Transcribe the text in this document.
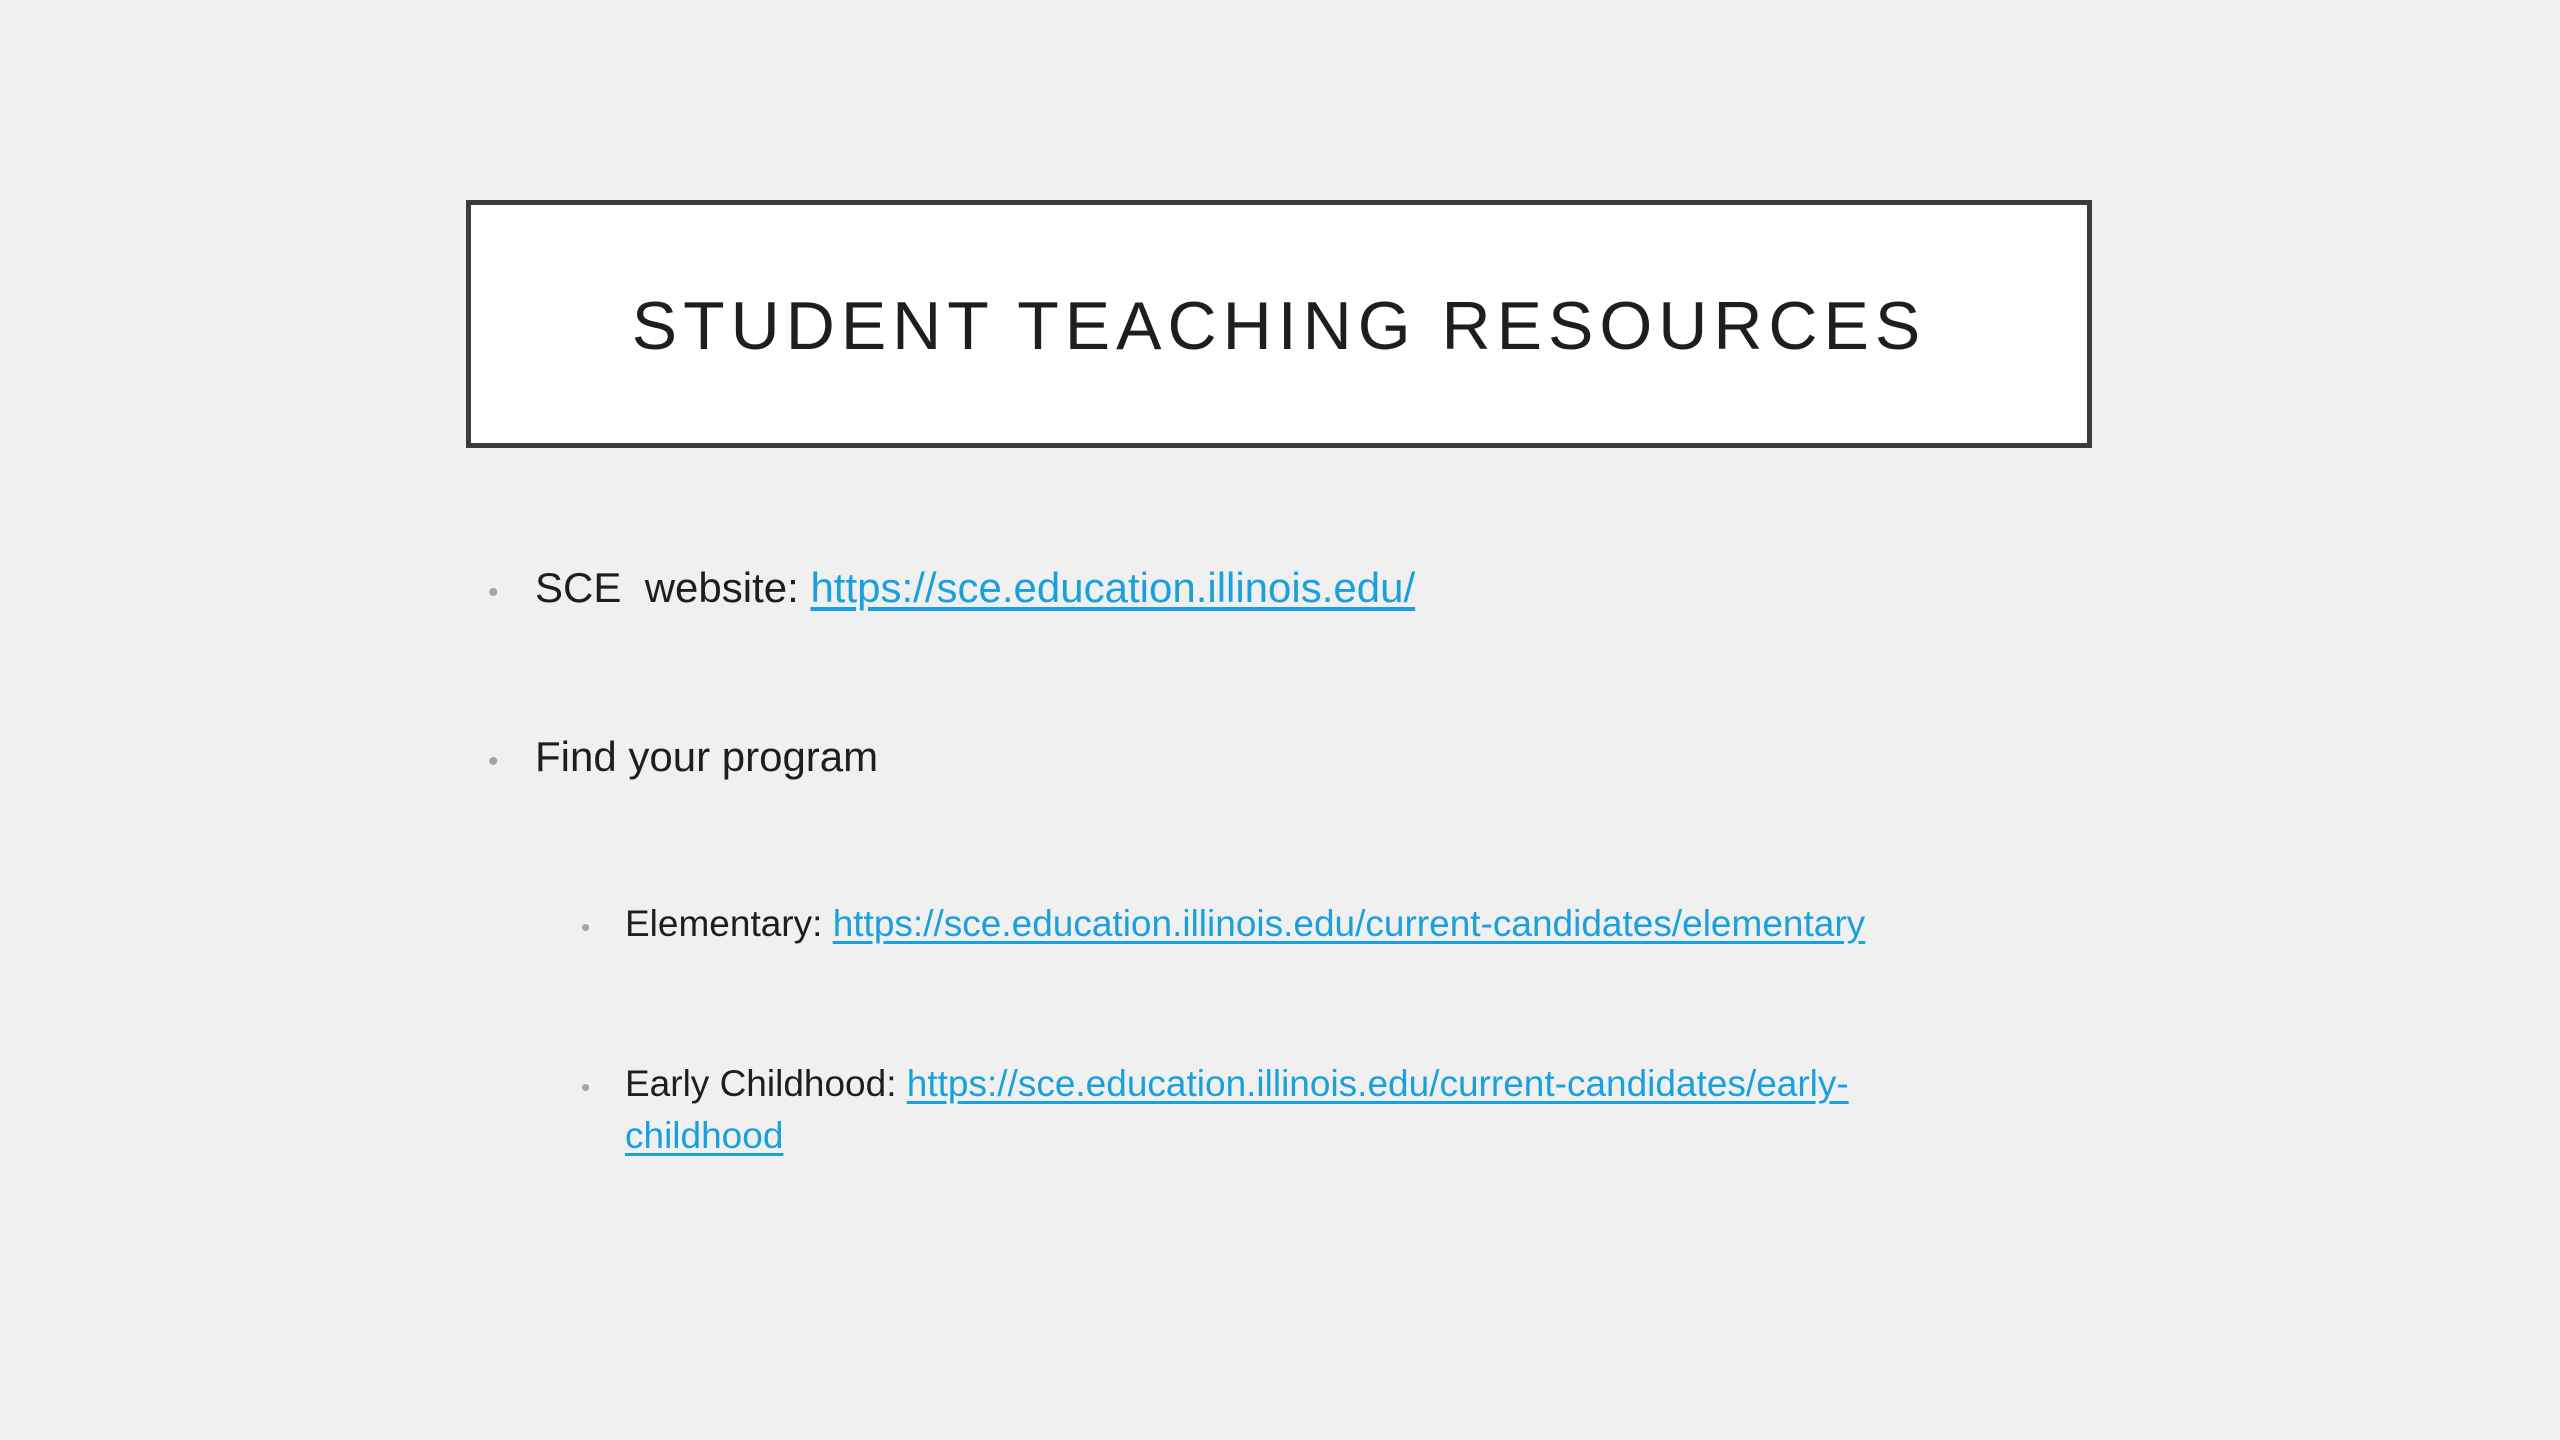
STUDENT TEACHING RESOURCES
• SCE  website: https://sce.education.illinois.edu/
• Find your program
• Elementary: https://sce.education.illinois.edu/current-candidates/elementary
• Early Childhood: https://sce.education.illinois.edu/current-candidates/early-
childhood
